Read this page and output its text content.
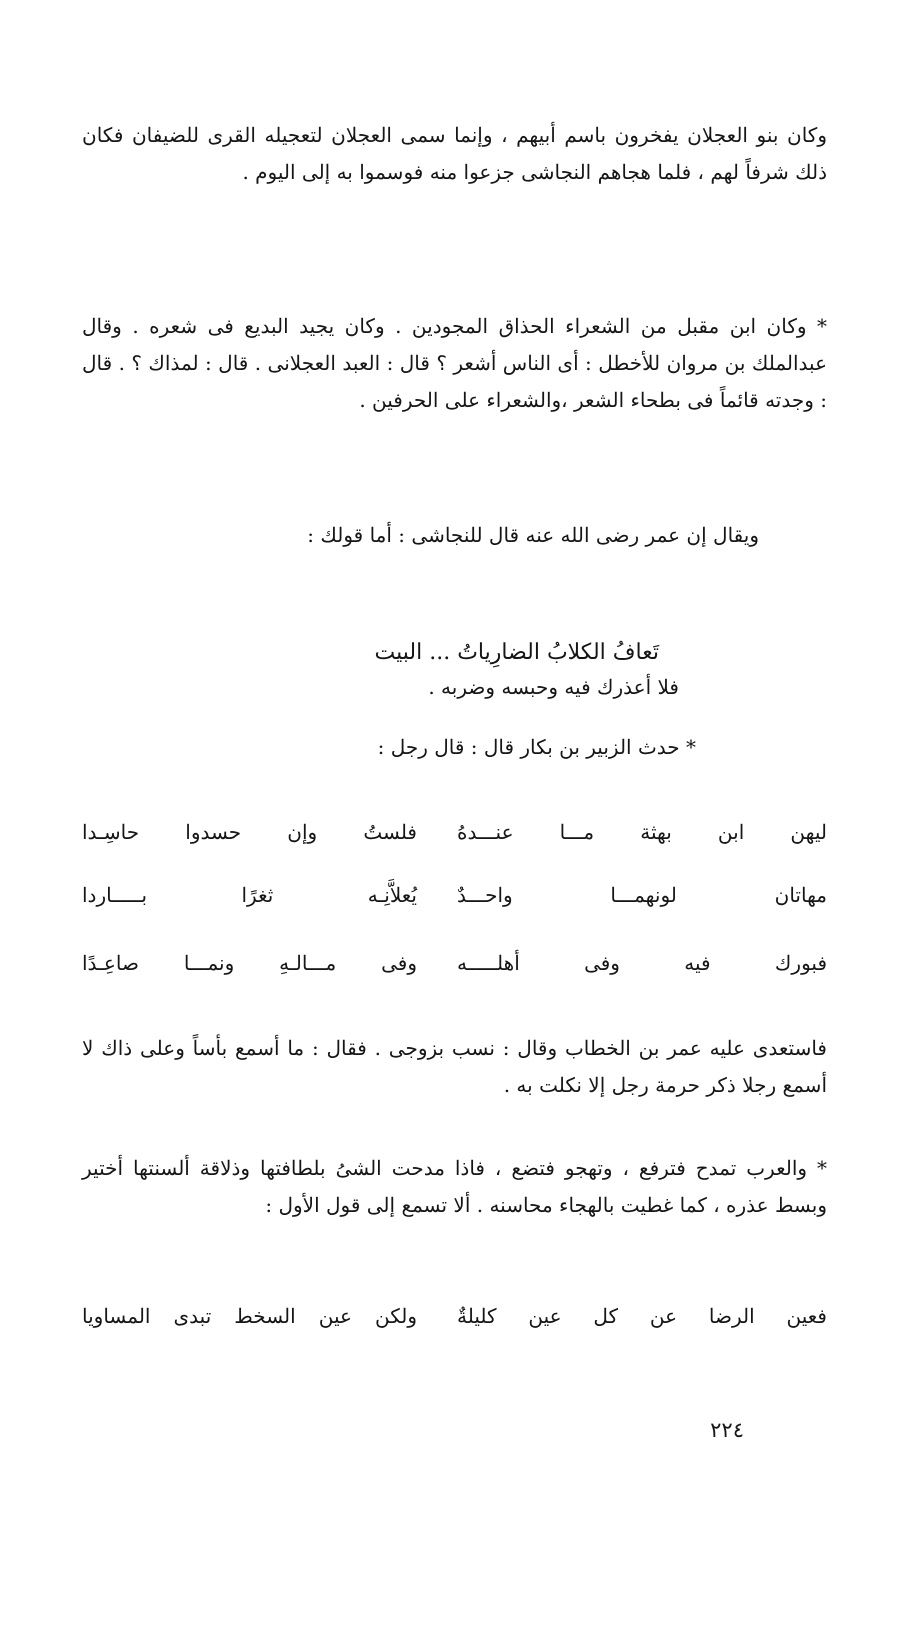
وكان بنو العجلان يفخرون باسم أبيهم ، وإنما سمى العجلان لتعجيله القرى للضيفان فكان ذلك شرفاً لهم ، فلما هجاهم النجاشى جزعوا منه فوسموا به إلى اليوم .

* وكان ابن مقبل من الشعراء الحذاق المجودين . وكان يجيد البديع فى شعره . وقال عبدالملك بن مروان للأخطل : أى الناس أشعر ؟ قال : العبد العجلانى . قال : لمذاك ؟ . قال : وجدته قائماً فى بطحاء الشعر ،والشعراء على الحرفين .

ويقال إن عمر رضى الله عنه قال للنجاشى : أما قولك :

تَعافُ الكلابُ الضارِياتُ ... البيت

فلا أعذرك فيه وحبسه وضربه .

* حدث الزبير بن بكار قال : قال رجل :

ليهن ابن بهثة مـــا عنـــدهُ
فلستُ وإن حسدوا حاسِـدا
مهاتان لونهمـــا واحـــدٌ
يُعلاَّنِـه ثغرًا بـــــاردا
فبورك فيه وفى أهلـــــه
وفى مـــالـهِ ونمـــا صاعِـدًا

فاستعدى عليه عمر بن الخطاب وقال : نسب بزوجى . فقال : ما أسمع بأساً وعلى ذاك لا أسمع رجلا ذكر حرمة رجل إلا نكلت به .

* والعرب تمدح فترفع ، وتهجو فتضع ، فاذا مدحت الشىُ بلطافتها وذلاقة ألسنتها أختير وبسط عذره ، كما غطيت بالهجاء محاسنه . ألا تسمع إلى قول الأول :

فعين الرضا عن كل عين كليلةٌ
ولكن عين السخط تبدى المساويا
٢٢٤
